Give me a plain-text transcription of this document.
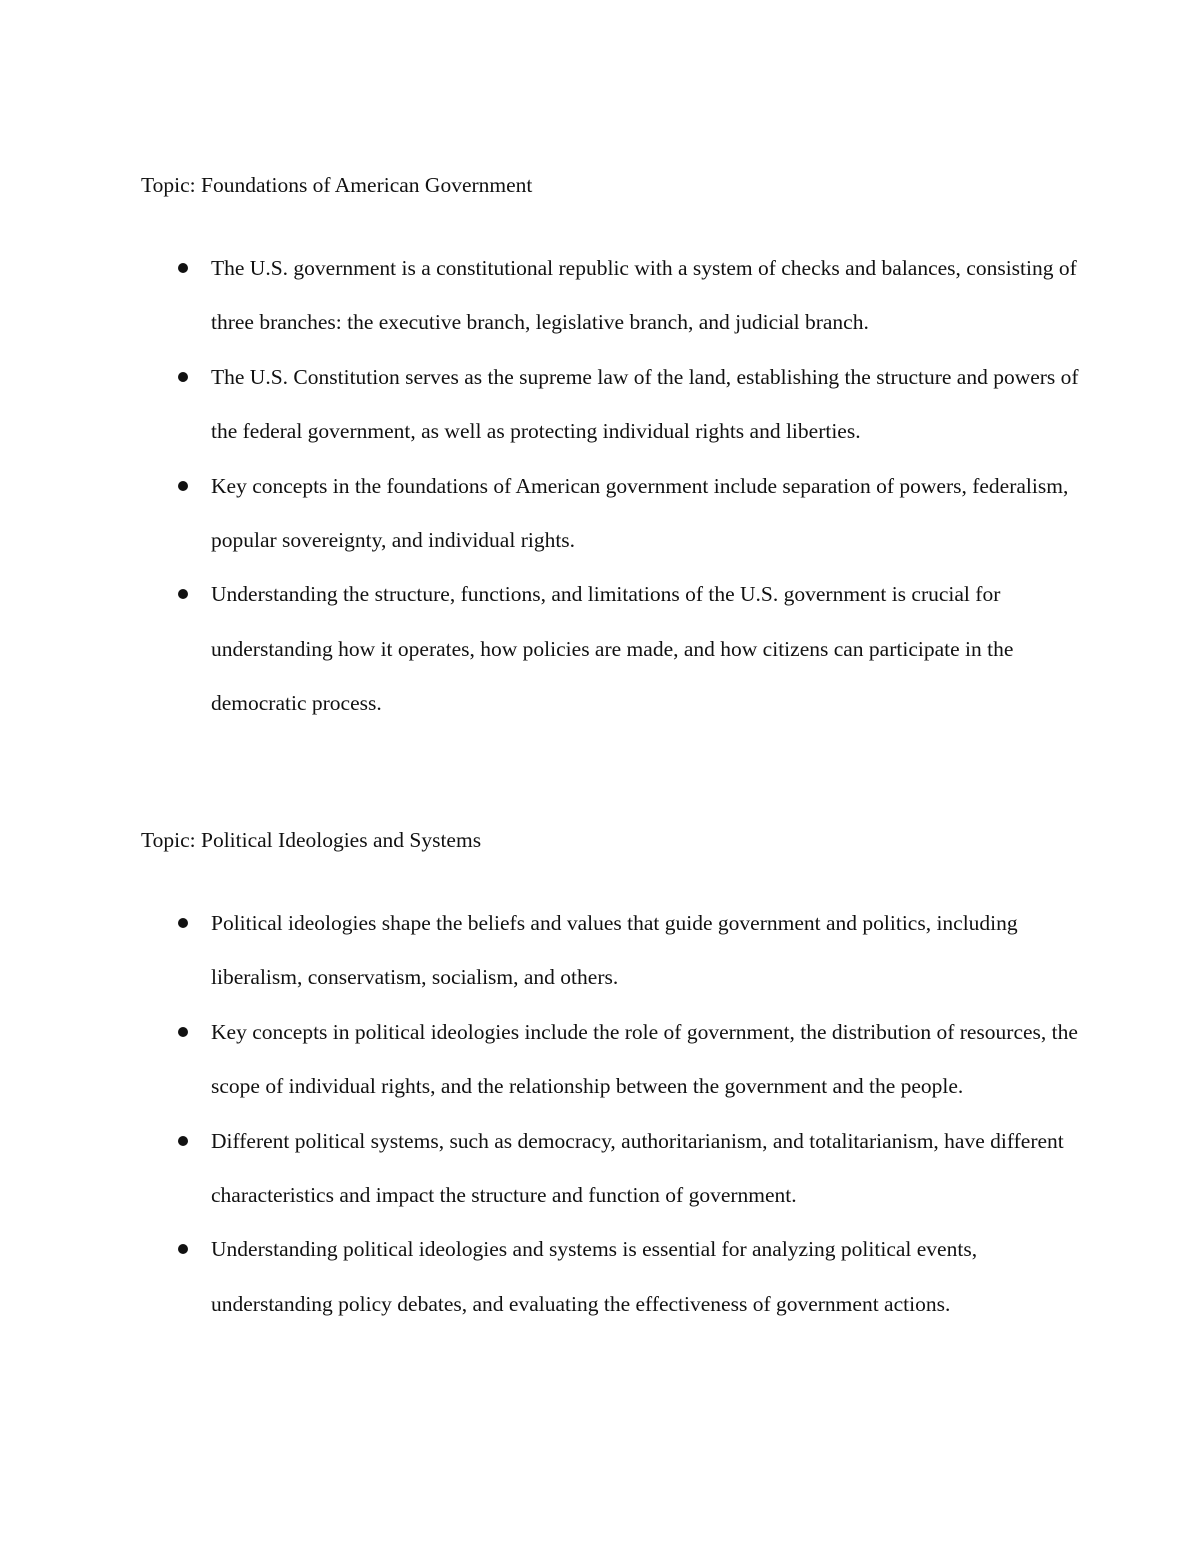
Topic: Foundations of American Government
The U.S. government is a constitutional republic with a system of checks and balances, consisting of three branches: the executive branch, legislative branch, and judicial branch.
The U.S. Constitution serves as the supreme law of the land, establishing the structure and powers of the federal government, as well as protecting individual rights and liberties.
Key concepts in the foundations of American government include separation of powers, federalism, popular sovereignty, and individual rights.
Understanding the structure, functions, and limitations of the U.S. government is crucial for understanding how it operates, how policies are made, and how citizens can participate in the democratic process.
Topic: Political Ideologies and Systems
Political ideologies shape the beliefs and values that guide government and politics, including liberalism, conservatism, socialism, and others.
Key concepts in political ideologies include the role of government, the distribution of resources, the scope of individual rights, and the relationship between the government and the people.
Different political systems, such as democracy, authoritarianism, and totalitarianism, have different characteristics and impact the structure and function of government.
Understanding political ideologies and systems is essential for analyzing political events, understanding policy debates, and evaluating the effectiveness of government actions.
